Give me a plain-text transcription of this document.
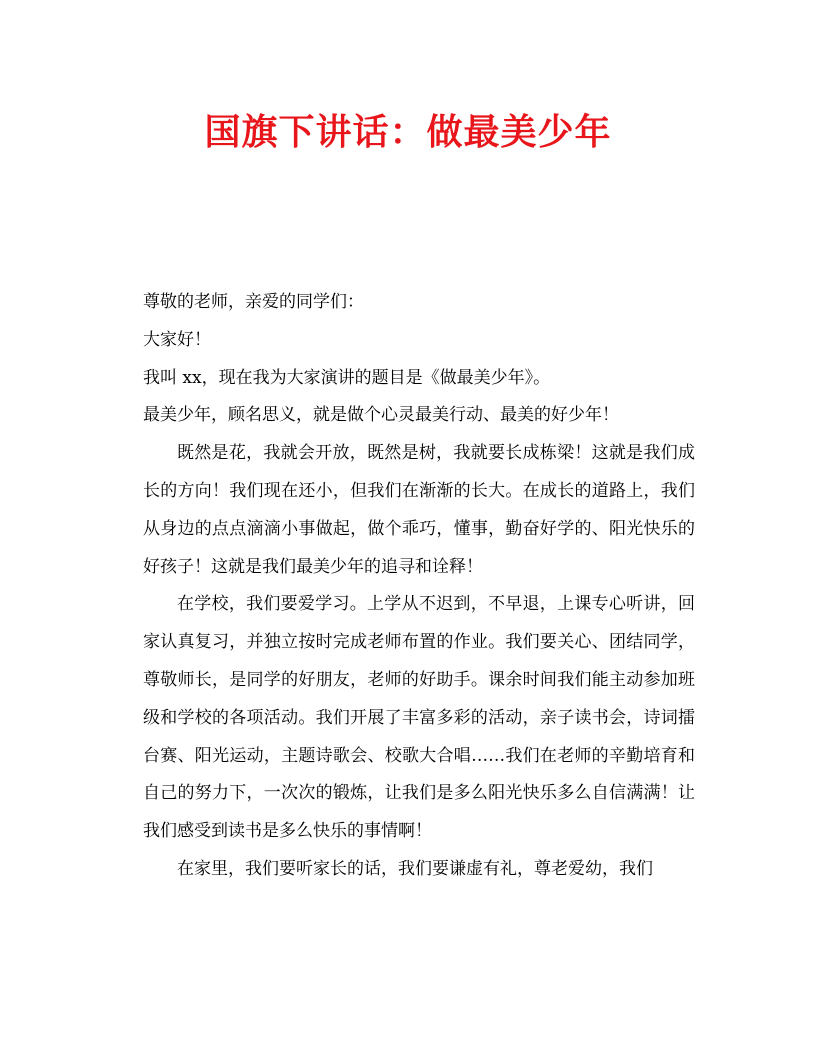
国旗下讲话：做最美少年

尊敬的老师，亲爱的同学们：

大家好！

我叫 xx，现在我为大家演讲的题目是《做最美少年》。

最美少年，顾名思义，就是做个心灵最美行动、最美的好少年！

既然是花，我就会开放，既然是树，我就要长成栋梁！这就是我们成长的方向！我们现在还小，但我们在渐渐的长大。在成长的道路上，我们从身边的点点滴滴小事做起，做个乖巧，懂事，勤奋好学的、阳光快乐的好孩子！这就是我们最美少年的追寻和诠释！

在学校，我们要爱学习。上学从不迟到，不早退，上课专心听讲，回家认真复习，并独立按时完成老师布置的作业。我们要关心、团结同学，尊敬师长，是同学的好朋友，老师的好助手。课余时间我们能主动参加班级和学校的各项活动。我们开展了丰富多彩的活动，亲子读书会，诗词擂台赛、阳光运动，主题诗歌会、校歌大合唱……我们在老师的辛勤培育和自己的努力下，一次次的锻炼，让我们是多么阳光快乐多么自信满满！让我们感受到读书是多么快乐的事情啊！

在家里，我们要听家长的话，我们要谦虚有礼，尊老爱幼，我们
